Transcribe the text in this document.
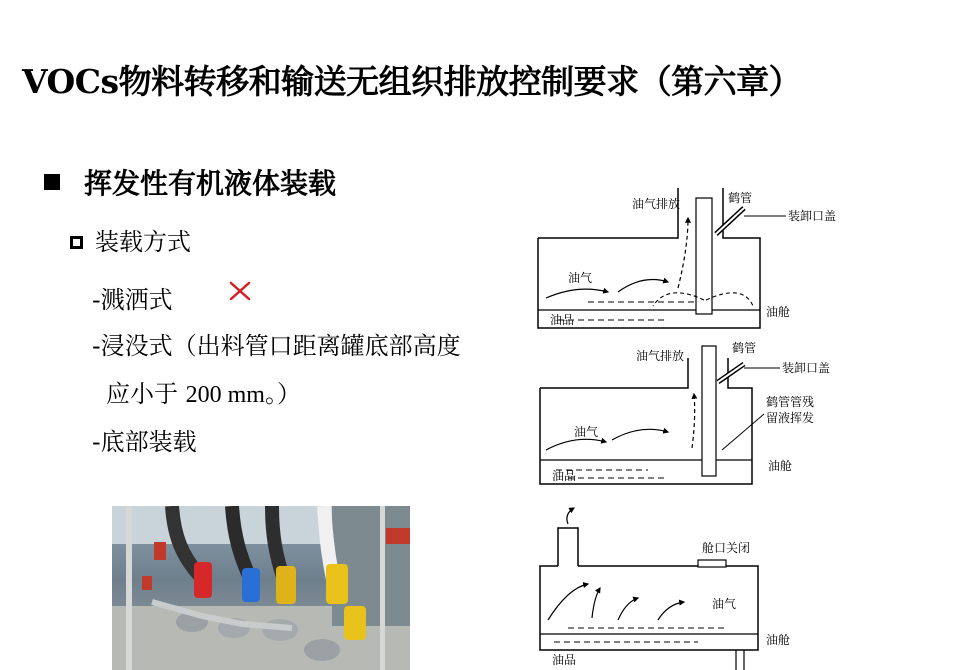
VOCs物料转移和输送无组织排放控制要求（第六章）
挥发性有机液体装载
装载方式
-溅洒式
-浸没式（出料管口距离罐底部高度
应小于 200 mm。）
-底部装载
油气排放	鹤管
装卸口盖
油气
油品
油舱
油气排放
鹤管
装卸口盖
鹤管管残
留液挥发
油气
油品
油舱
舱口关闭
油气
油品
油舱
